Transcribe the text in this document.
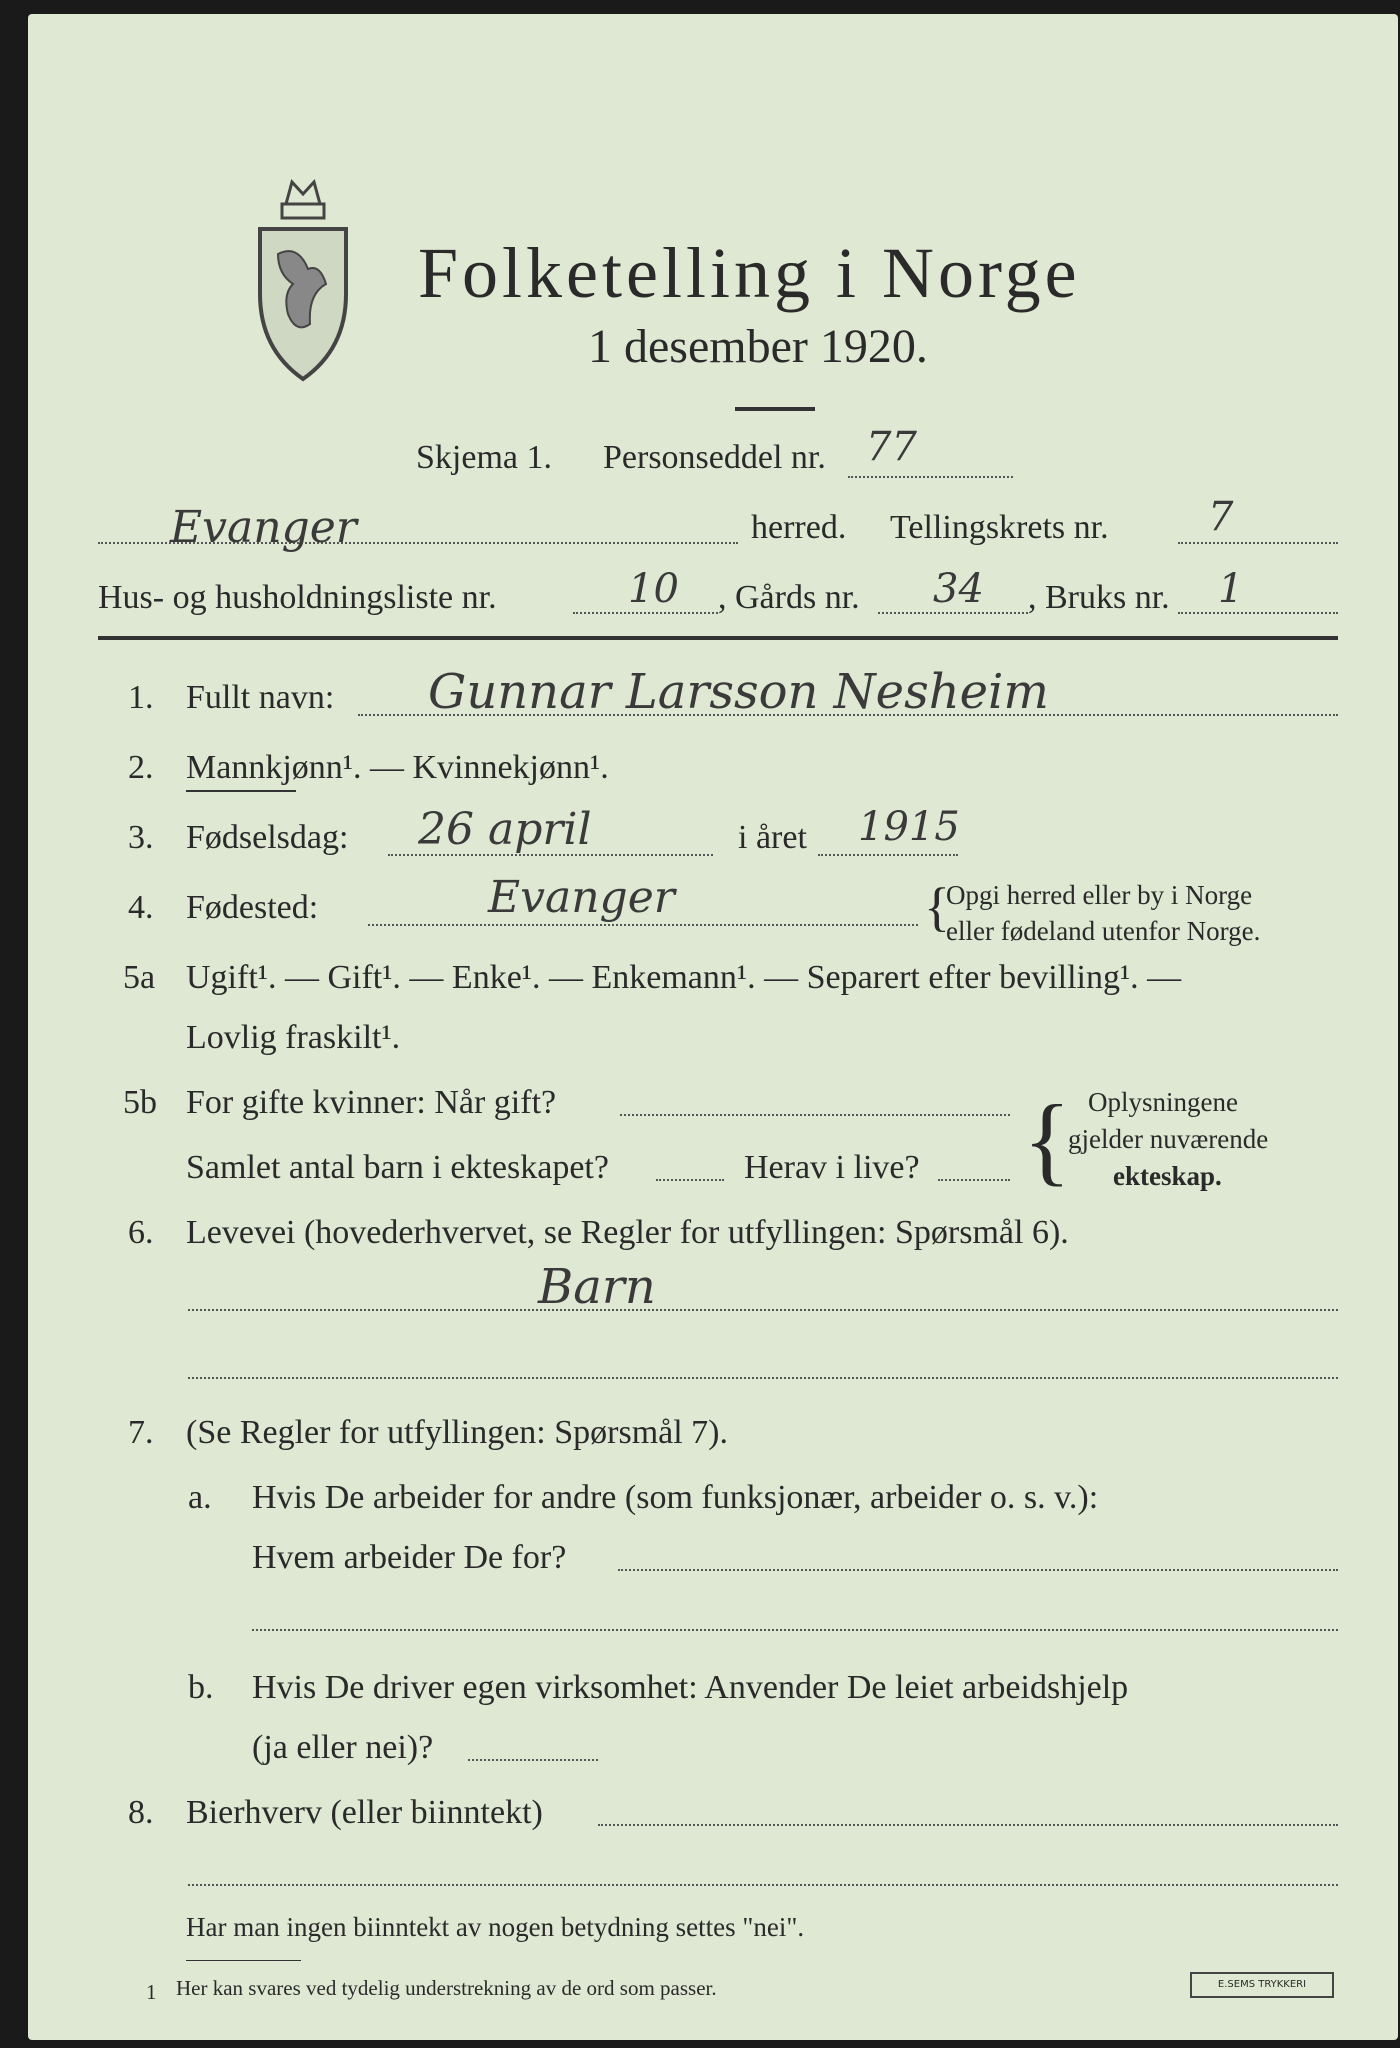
Folketelling i Norge
1 desember 1920.
Skjema 1. Personseddel nr. 77
Evanger	herred. Tellingskrets nr. 7
Hus- og husholdningsliste nr.	10 , Gårds nr. 34 , Bruks nr. 1
1. Fullt navn: Gunnar Larsson Nesheim
2. Mannkjønn¹. — Kvinnekjønn¹.
3. Fødselsdag: 26 april	i året 1915
4. Fødested:	Evanger	{
Opgi herred eller by i Norge
eller fødeland utenfor Norge.
5a Ugift¹. — Gift¹. — Enke¹. — Enkemann¹. — Separert efter bevilling¹. —
Lovlig fraskilt¹.
5b For gifte kvinner: Når gift?
Samlet antal barn i ekteskapet?	Herav i live? { Oplysningene
gjelder nuværende
ekteskap.
6. Levevei (hovederhvervet, se Regler for utfyllingen: Spørsmål 6).
Barn
7. (Se Regler for utfyllingen: Spørsmål 7).
a. Hvis De arbeider for andre (som funksjonær, arbeider o. s. v.):
Hvem arbeider De for?
b. Hvis De driver egen virksomhet: Anvender De leiet arbeidshjelp
(ja eller nei)?
8. Bierhverv (eller biinntekt)
Har man ingen biinntekt av nogen betydning settes "nei".
1 Her kan svares ved tydelig understrekning av de ord som passer.	E.SEMS TRYKKERI
